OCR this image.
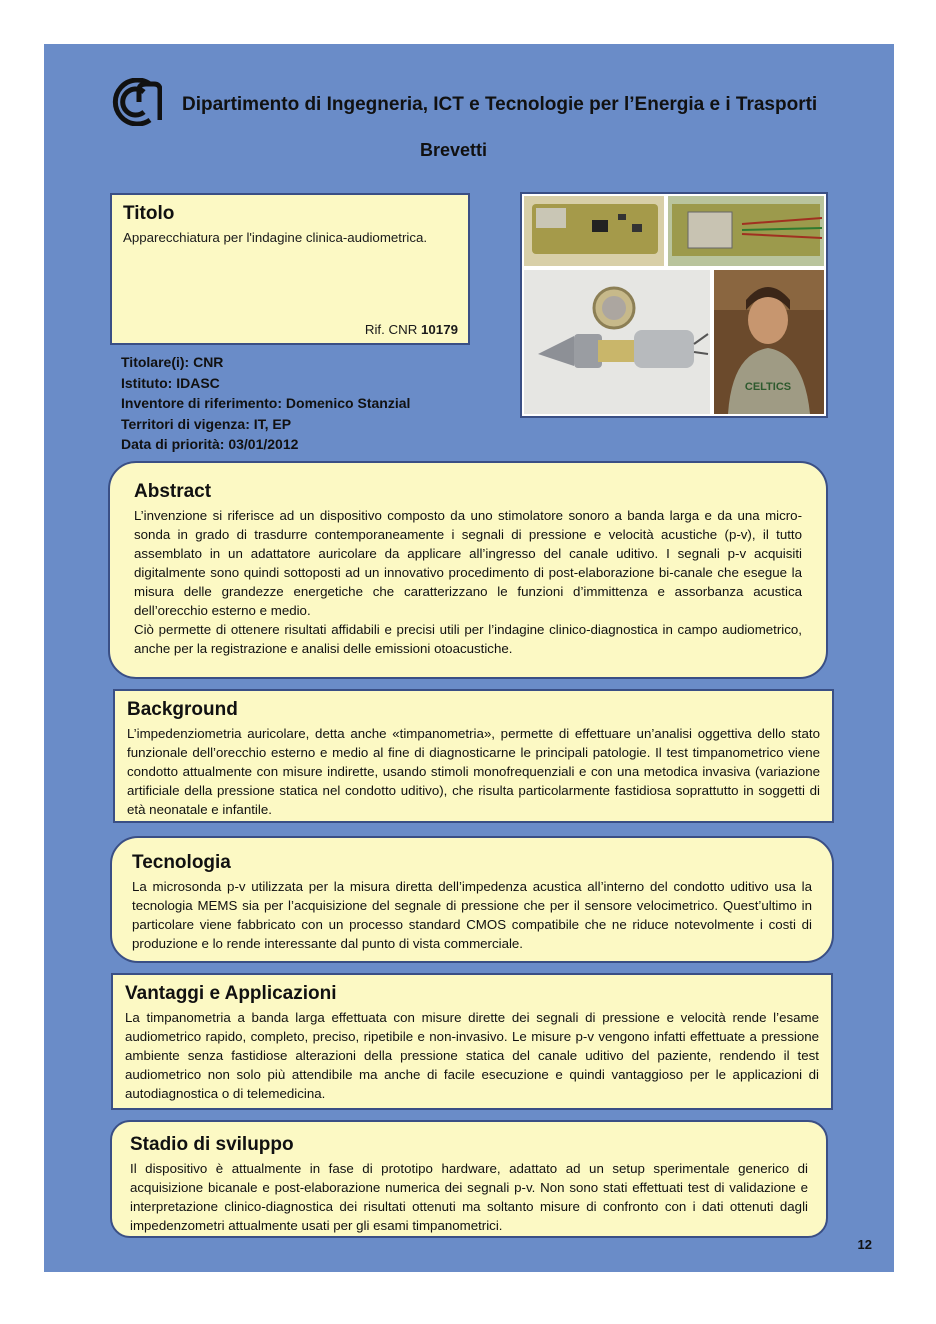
Dipartimento di Ingegneria, ICT e Tecnologie per l’Energia e i Trasporti
Brevetti
Titolo
Apparecchiatura per l'indagine clinica-audiometrica.
Rif. CNR 10179
Titolare(i): CNR
Istituto: IDASC
Inventore di riferimento: Domenico Stanzial
Territori di vigenza: IT, EP
Data di priorità: 03/01/2012
CELTICS
Abstract

L’invenzione si riferisce ad un dispositivo composto da uno stimolatore sonoro a banda larga e da una micro-sonda in grado di trasdurre contemporaneamente i segnali di pressione e velocità acustiche (p-v), il tutto assemblato in un adattatore auricolare da applicare all’ingresso del canale uditivo. I segnali p-v acquisiti digitalmente sono quindi sottoposti ad un innovativo procedimento di post-elaborazione bi-canale che esegue la misura delle grandezze energetiche che caratterizzano le funzioni d’immittenza e assorbanza acustica dell’orecchio esterno e medio.

Ciò permette di ottenere risultati affidabili e precisi utili per l’indagine clinico-diagnostica in campo audiometrico, anche per la registrazione e analisi delle emissioni otoacustiche.

Background

L’impedenziometria auricolare, detta anche «timpanometria», permette di effettuare un’analisi oggettiva dello stato funzionale dell’orecchio esterno e medio al fine di diagnosticarne le principali patologie. Il test timpanometrico viene condotto attualmente con misure indirette, usando stimoli monofrequenziali e con una metodica invasiva (variazione artificiale della pressione statica nel condotto uditivo), che risulta particolarmente fastidiosa soprattutto in soggetti di età neonatale e infantile.

Tecnologia

La microsonda p-v utilizzata per la misura diretta dell’impedenza acustica all’interno del condotto uditivo usa la tecnologia MEMS sia per l’acquisizione del segnale di pressione che per il sensore velocimetrico. Quest’ultimo in particolare viene fabbricato con un processo standard CMOS compatibile che ne riduce notevolmente i costi di produzione e lo rende interessante dal punto di vista commerciale.

Vantaggi e Applicazioni

La timpanometria a banda larga effettuata con misure dirette dei segnali di pressione e velocità rende l’esame audiometrico rapido, completo, preciso, ripetibile e non-invasivo. Le misure p-v vengono infatti effettuate a pressione ambiente senza fastidiose alterazioni della pressione statica del canale uditivo del paziente, rendendo il test audiometrico non solo più attendibile ma anche di facile esecuzione e quindi vantaggioso per le applicazioni di autodiagnostica o di telemedicina.

Stadio di sviluppo

Il dispositivo è attualmente in fase di prototipo hardware, adattato ad un setup sperimentale generico di acquisizione bicanale e post-elaborazione numerica dei segnali p-v. Non sono stati effettuati test di validazione e interpretazione clinico-diagnostica dei risultati ottenuti ma soltanto misure di confronto con i dati ottenuti dagli impedenzometri attualmente usati per gli esami timpanometrici.

12
